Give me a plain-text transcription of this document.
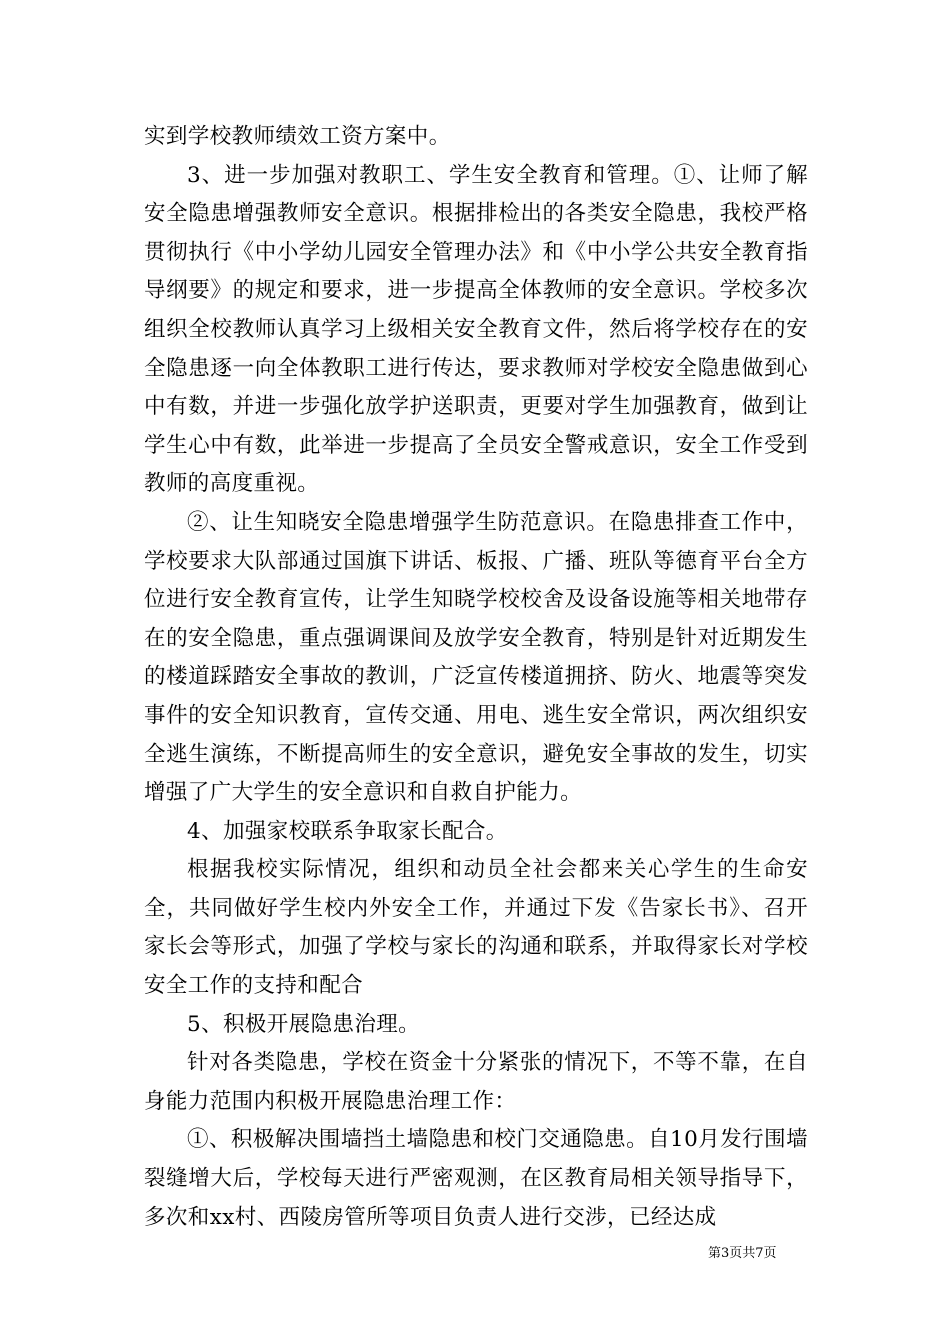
实到学校教师绩效工资方案中。

3、进一步加强对教职工、学生安全教育和管理。①、让师了解安全隐患增强教师安全意识。根据排检出的各类安全隐患，我校严格贯彻执行《中小学幼儿园安全管理办法》和《中小学公共安全教育指导纲要》的规定和要求，进一步提高全体教师的安全意识。学校多次组织全校教师认真学习上级相关安全教育文件，然后将学校存在的安全隐患逐一向全体教职工进行传达，要求教师对学校安全隐患做到心中有数，并进一步强化放学护送职责，更要对学生加强教育，做到让学生心中有数，此举进一步提高了全员安全警戒意识，安全工作受到教师的高度重视。

②、让生知晓安全隐患增强学生防范意识。在隐患排查工作中，学校要求大队部通过国旗下讲话、板报、广播、班队等德育平台全方位进行安全教育宣传，让学生知晓学校校舍及设备设施等相关地带存在的安全隐患，重点强调课间及放学安全教育，特别是针对近期发生的楼道踩踏安全事故的教训，广泛宣传楼道拥挤、防火、地震等突发事件的安全知识教育，宣传交通、用电、逃生安全常识，两次组织安全逃生演练，不断提高师生的安全意识，避免安全事故的发生，切实增强了广大学生的安全意识和自救自护能力。

4、加强家校联系争取家长配合。

根据我校实际情况，组织和动员全社会都来关心学生的生命安全，共同做好学生校内外安全工作，并通过下发《告家长书》、召开家长会等形式，加强了学校与家长的沟通和联系，并取得家长对学校安全工作的支持和配合

5、积极开展隐患治理。

针对各类隐患，学校在资金十分紧张的情况下，不等不靠，在自身能力范围内积极开展隐患治理工作：

①、积极解决围墙挡土墙隐患和校门交通隐患。自10月发行围墙裂缝增大后，学校每天进行严密观测，在区教育局相关领导指导下，多次和xx村、西陵房管所等项目负责人进行交涉，已经达成

第3页共7页
